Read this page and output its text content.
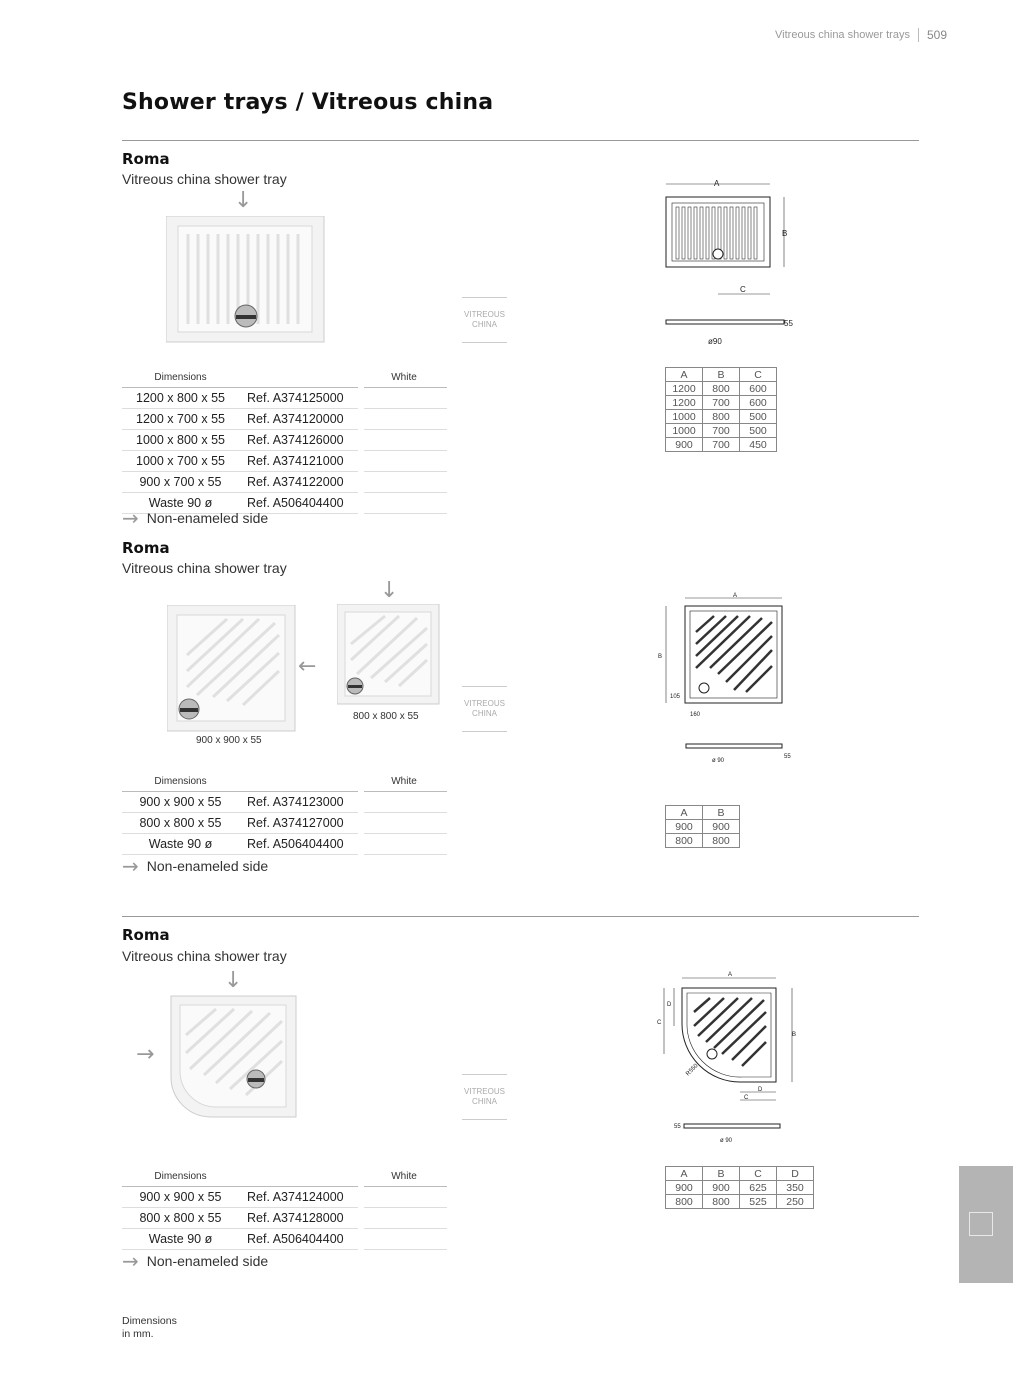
Vitreous china shower trays 509
Shower trays / Vitreous china
Roma
Vitreous china shower tray
↓
VITREOUS
CHINA
A
B
C
55
ø90
Dimensions		White
1200 x 800 x 55	Ref. A374125000	
1200 x 700 x 55	Ref. A374120000	
1000 x 800 x 55	Ref. A374126000	
1000 x 700 x 55	Ref. A374121000	
900 x 700 x 55	Ref. A374122000	
Waste 90 ø	Ref. A506404400	
→ Non-enameled side
A	B	C
1200	800	600
1200	700	600
1000	800	500
1000	700	500
900	700	450
Roma
Vitreous china shower tray
900 x 900 x 55
←
↓
800 x 800 x 55
VITREOUS
CHINA
A
B
105
160
ø 90
55
Dimensions		White
900 x 900 x 55	Ref. A374123000	
800 x 800 x 55	Ref. A374127000	
Waste 90 ø	Ref. A506404400	
→ Non-enameled side
A	B
900	900
800	800
Roma
Vitreous china shower tray
↓
→
VITREOUS
CHINA
A
B
C
D
D
C
R550
55
ø 90
Dimensions		White
900 x 900 x 55	Ref. A374124000	
800 x 800 x 55	Ref. A374128000	
Waste 90 ø	Ref. A506404400	
→ Non-enameled side
A	B	C	D
900	900	625	350
800	800	525	250
Dimensions
in mm.
